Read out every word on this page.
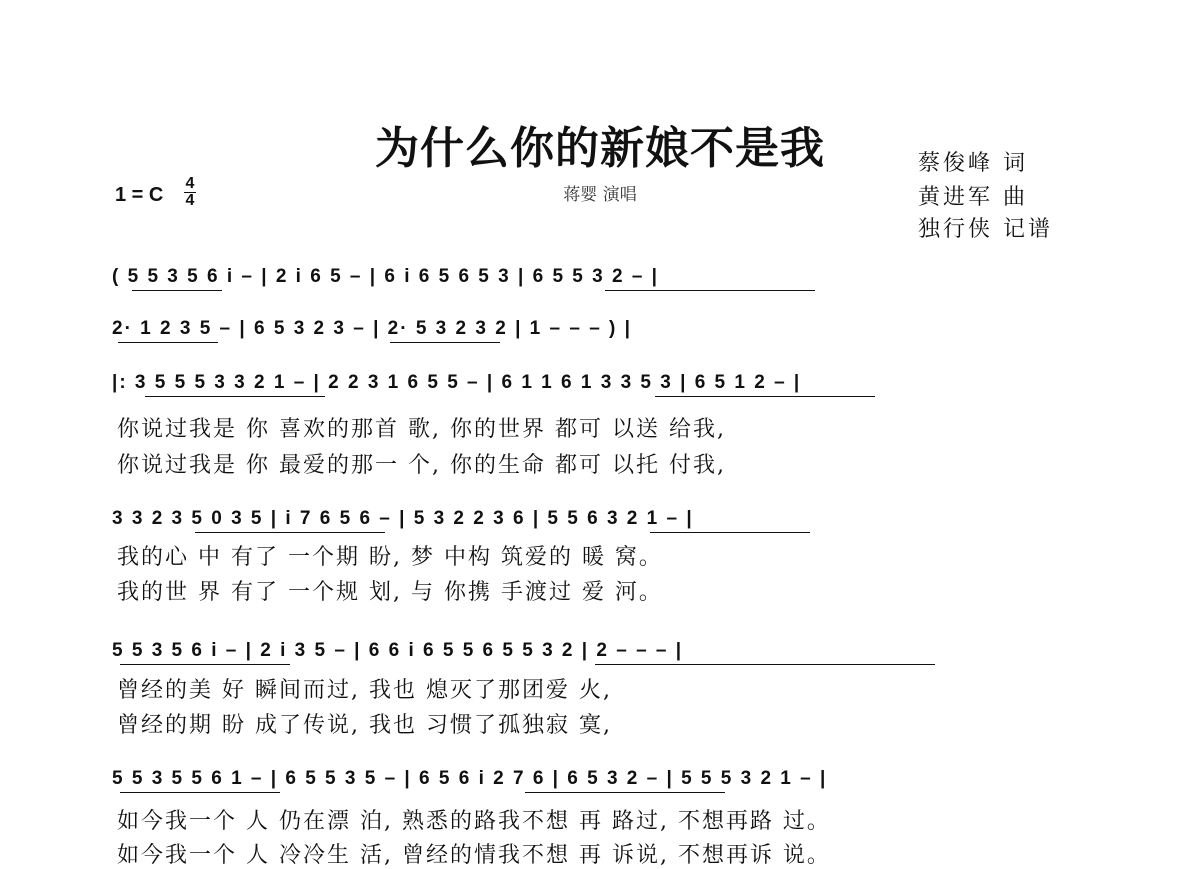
为什么你的新娘不是我
蒋婴 演唱
蔡俊峰 词
黄进军 曲
独行侠 记谱
1 = C
4
4
( 5 5 3 5 6 i – | 2 i 6 5 – | 6 i 6 5 6 5 3 | 6 5 5 3 2 – |
2· 1 2 3 5 – | 6 5 3 2 3 – | 2· 5 3 2 3 2 | 1 – – – ) |
|: 3 5 5 5 3 3 2 1 – | 2 2 3 1 6 5 5 – | 6 1 1 6 1 3 3 5 3 | 6 5 1 2 – |
你说过我是 你 喜欢的那首 歌, 你的世界 都可 以送 给我,
你说过我是 你 最爱的那一 个, 你的生命 都可 以托 付我,
3 3 2 3 5 0 3 5 | i 7 6 5 6 – | 5 3 2 2 3 6 | 5 5 6 3 2 1 – |
我的心 中 有了 一个期 盼, 梦 中构 筑爱的 暖 窝。
我的世 界 有了 一个规 划, 与 你携 手渡过 爱 河。
5 5 3 5 6 i – | 2 i 3 5 – | 6 6 i 6 5 5 6 5 5 3 2 | 2 – – – |
曾经的美 好 瞬间而过, 我也 熄灭了那团爱 火,
曾经的期 盼 成了传说, 我也 习惯了孤独寂 寞,
5 5 3 5 5 6 1 – | 6 5 5 3 5 – | 6 5 6 i 2 7 6 | 6 5 3 2 – | 5 5 5 3 2 1 – |
如今我一个 人 仍在漂 泊, 熟悉的路我不想 再 路过, 不想再路 过。
如今我一个 人 冷冷生 活, 曾经的情我不想 再 诉说, 不想再诉 说。
